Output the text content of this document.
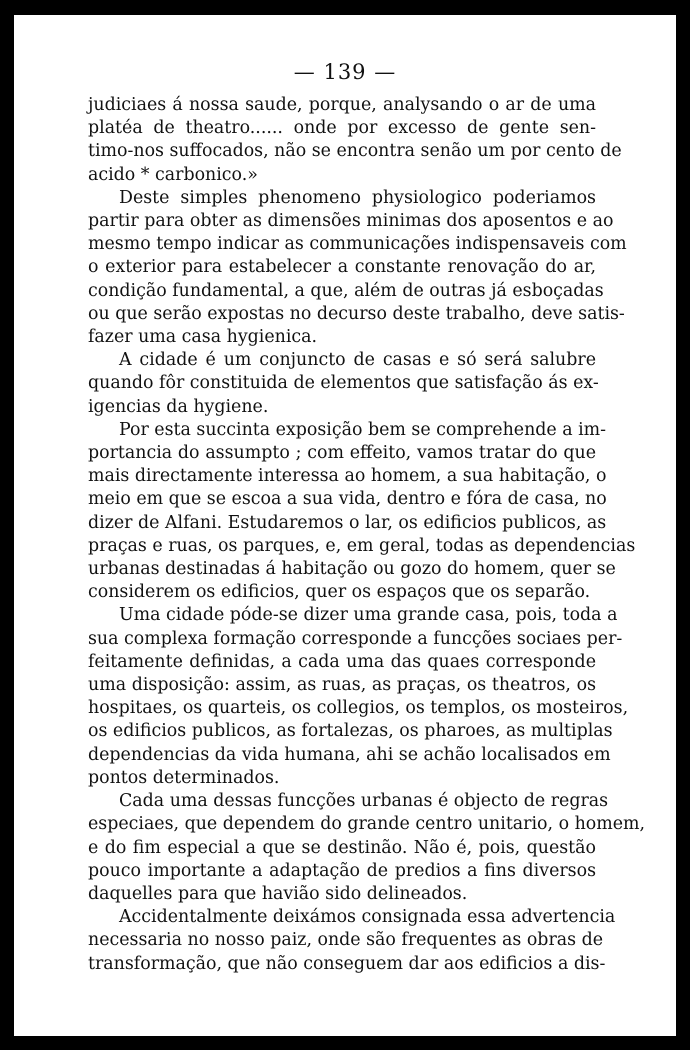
— 139 —
judiciaes á nossa saude, porque, analysando o ar de uma
platéa de theatro...... onde por excesso de gente sen-
timo-nos suffocados, não se encontra senão um por cento de
acido * carbonico.»
Deste simples phenomeno physiologico poderiamos
partir para obter as dimensões minimas dos aposentos e ao
mesmo tempo indicar as communicações indispensaveis com
o exterior para estabelecer a constante renovação do ar,
condição fundamental, a que, além de outras já esboçadas
ou que serão expostas no decurso deste trabalho, deve satis-
fazer uma casa hygienica.
A cidade é um conjuncto de casas e só será salubre
quando fôr constituida de elementos que satisfação ás ex-
igencias da hygiene.
Por esta succinta exposição bem se comprehende a im-
portancia do assumpto ; com effeito, vamos tratar do que
mais directamente interessa ao homem, a sua habitação, o
meio em que se escoa a sua vida, dentro e fóra de casa, no
dizer de Alfani. Estudaremos o lar, os edificios publicos, as
praças e ruas, os parques, e, em geral, todas as dependencias
urbanas destinadas á habitação ou gozo do homem, quer se
considerem os edificios, quer os espaços que os separão.
Uma cidade póde-se dizer uma grande casa, pois, toda a
sua complexa formação corresponde a funcções sociaes per-
feitamente definidas, a cada uma das quaes corresponde
uma disposição: assim, as ruas, as praças, os theatros, os
hospitaes, os quarteis, os collegios, os templos, os mosteiros,
os edificios publicos, as fortalezas, os pharoes, as multiplas
dependencias da vida humana, ahi se achão localisados em
pontos determinados.
Cada uma dessas funcções urbanas é objecto de regras
especiaes, que dependem do grande centro unitario, o homem,
e do fim especial a que se destinão. Não é, pois, questão
pouco importante a adaptação de predios a fins diversos
daquelles para que havião sido delineados.
Accidentalmente deixámos consignada essa advertencia
necessaria no nosso paiz, onde são frequentes as obras de
transformação, que não conseguem dar aos edificios a dis-
